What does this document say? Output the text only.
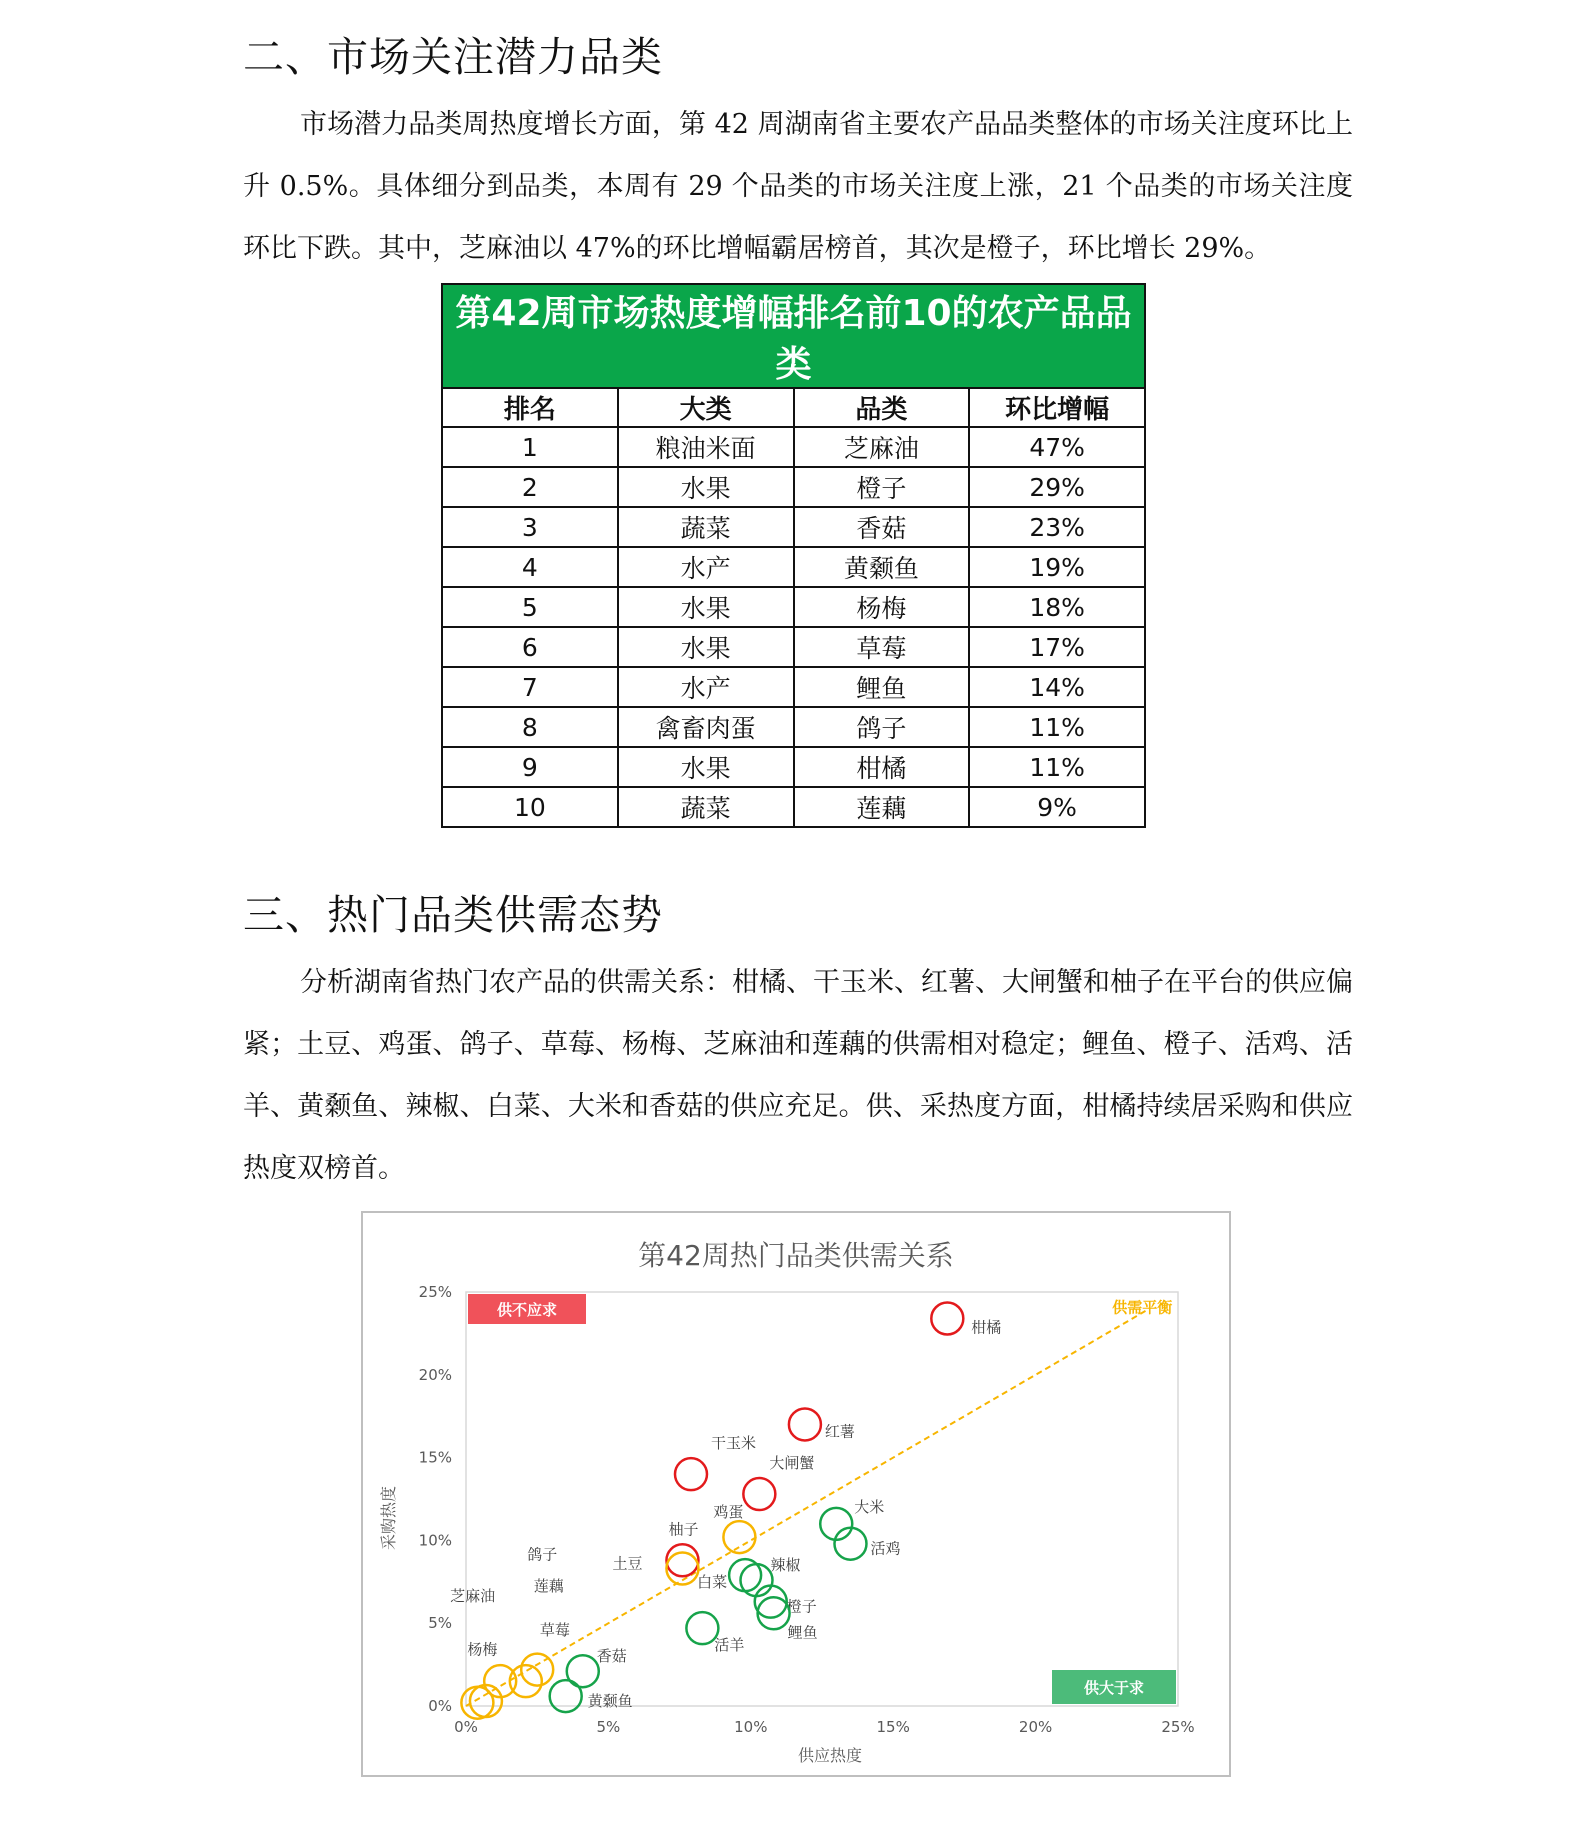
二、市场关注潜力品类

市场潜力品类周热度增长方面，第 42 周湖南省主要农产品品类整体的市场关注度环比上升 0.5%。具体细分到品类，本周有 29 个品类的市场关注度上涨，21 个品类的市场关注度环比下跌。其中，芝麻油以 47%的环比增幅霸居榜首，其次是橙子，环比增长 29%。

第42周市场热度增幅排名前10的农产品品类			
排名	大类	品类	环比增幅
1	粮油米面	芝麻油	47%
2	水果	橙子	29%
3	蔬菜	香菇	23%
4	水产	黄颡鱼	19%
5	水果	杨梅	18%
6	水果	草莓	17%
7	水产	鲤鱼	14%
8	禽畜肉蛋	鸽子	11%
9	水果	柑橘	11%
10	蔬菜	莲藕	9%
三、热门品类供需态势

分析湖南省热门农产品的供需关系：柑橘、干玉米、红薯、大闸蟹和柚子在平台的供应偏紧；土豆、鸡蛋、鸽子、草莓、杨梅、芝麻油和莲藕的供需相对稳定；鲤鱼、橙子、活鸡、活羊、黄颡鱼、辣椒、白菜、大米和香菇的供应充足。供、采热度方面，柑橘持续居采购和供应热度双榜首。

第42周热门品类供需关系
供应热度
采购热度
0%	5%	10%	15%	20%	25%
0%
5%
10%
15%
20%
25%
供需平衡
供不应求
供大于求
柑橘
红薯
干玉米
大闸蟹
柚子
鸡蛋
土豆
鸽子
莲藕
芝麻油
草莓
杨梅
大米
活鸡
辣椒
白菜
橙子
鲤鱼
活羊
香菇
黄颡鱼
